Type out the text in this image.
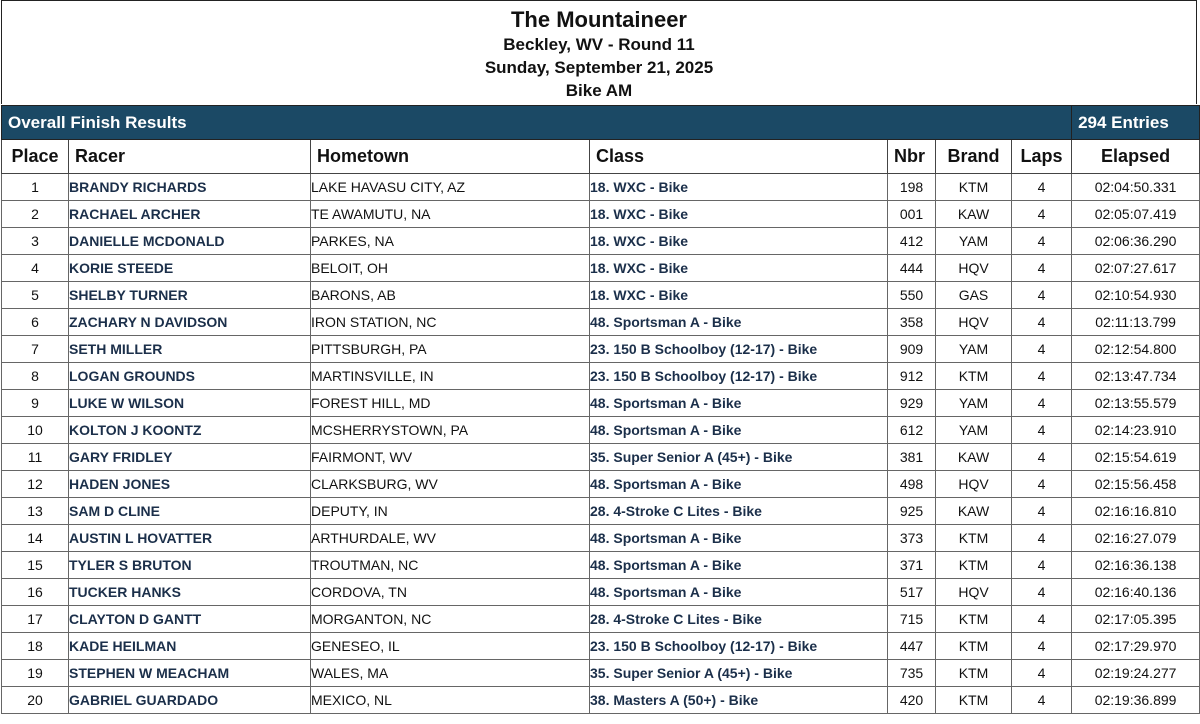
The Mountaineer
Beckley, WV - Round 11
Sunday, September 21, 2025
Bike AM
Overall Finish Results							294 Entries
Place	Racer	Hometown	Class	Nbr	Brand	Laps	Elapsed
1	BRANDY RICHARDS	LAKE HAVASU CITY, AZ	18. WXC - Bike	198	KTM	4	02:04:50.331
2	RACHAEL ARCHER	TE AWAMUTU, NA	18. WXC - Bike	001	KAW	4	02:05:07.419
3	DANIELLE MCDONALD	PARKES, NA	18. WXC - Bike	412	YAM	4	02:06:36.290
4	KORIE STEEDE	BELOIT, OH	18. WXC - Bike	444	HQV	4	02:07:27.617
5	SHELBY TURNER	BARONS, AB	18. WXC - Bike	550	GAS	4	02:10:54.930
6	ZACHARY N DAVIDSON	IRON STATION, NC	48. Sportsman A - Bike	358	HQV	4	02:11:13.799
7	SETH MILLER	PITTSBURGH, PA	23. 150 B Schoolboy (12-17) - Bike	909	YAM	4	02:12:54.800
8	LOGAN GROUNDS	MARTINSVILLE, IN	23. 150 B Schoolboy (12-17) - Bike	912	KTM	4	02:13:47.734
9	LUKE W WILSON	FOREST HILL, MD	48. Sportsman A - Bike	929	YAM	4	02:13:55.579
10	KOLTON J KOONTZ	MCSHERRYSTOWN, PA	48. Sportsman A - Bike	612	YAM	4	02:14:23.910
11	GARY FRIDLEY	FAIRMONT, WV	35. Super Senior A (45+) - Bike	381	KAW	4	02:15:54.619
12	HADEN JONES	CLARKSBURG, WV	48. Sportsman A - Bike	498	HQV	4	02:15:56.458
13	SAM D CLINE	DEPUTY, IN	28. 4-Stroke C Lites - Bike	925	KAW	4	02:16:16.810
14	AUSTIN L HOVATTER	ARTHURDALE, WV	48. Sportsman A - Bike	373	KTM	4	02:16:27.079
15	TYLER S BRUTON	TROUTMAN, NC	48. Sportsman A - Bike	371	KTM	4	02:16:36.138
16	TUCKER HANKS	CORDOVA, TN	48. Sportsman A - Bike	517	HQV	4	02:16:40.136
17	CLAYTON D GANTT	MORGANTON, NC	28. 4-Stroke C Lites - Bike	715	KTM	4	02:17:05.395
18	KADE HEILMAN	GENESEO, IL	23. 150 B Schoolboy (12-17) - Bike	447	KTM	4	02:17:29.970
19	STEPHEN W MEACHAM	WALES, MA	35. Super Senior A (45+) - Bike	735	KTM	4	02:19:24.277
20	GABRIEL GUARDADO	MEXICO, NL	38. Masters A (50+) - Bike	420	KTM	4	02:19:36.899
